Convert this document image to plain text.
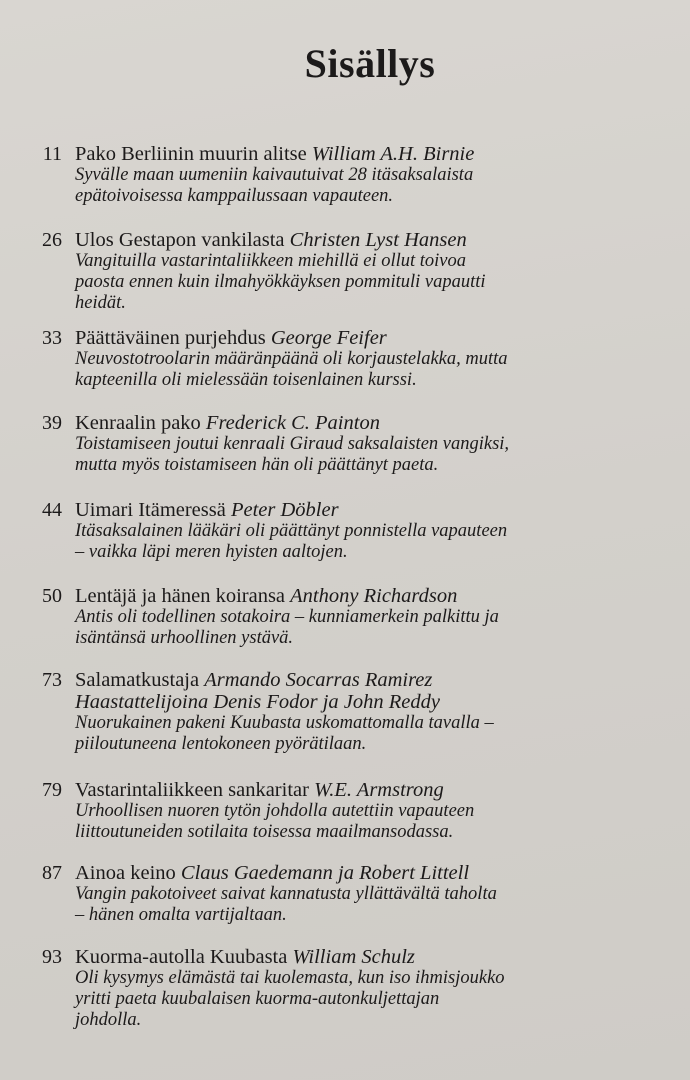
Sisällys
11 Pako Berliinin muurin alitse William A.H. Birnie
Syvälle maan uumeniin kaivautuivat 28 itäsaksalaista
epätoivoisessa kamppailussaan vapauteen.
26 Ulos Gestapon vankilasta Christen Lyst Hansen
Vangituilla vastarintaliikkeen miehillä ei ollut toivoa
paosta ennen kuin ilmahyökkäyksen pommituli vapautti
heidät.
33 Päättäväinen purjehdus George Feifer
Neuvostotroolarin määränpäänä oli korjaustelakka, mutta
kapteenilla oli mielessään toisenlainen kurssi.
39 Kenraalin pako Frederick C. Painton
Toistamiseen joutui kenraali Giraud saksalaisten vangiksi,
mutta myös toistamiseen hän oli päättänyt paeta.
44 Uimari Itämeressä Peter Döbler
Itäsaksalainen lääkäri oli päättänyt ponnistella vapauteen
– vaikka läpi meren hyisten aaltojen.
50 Lentäjä ja hänen koiransa Anthony Richardson
Antis oli todellinen sotakoira – kunniamerkein palkittu ja
isäntänsä urhoollinen ystävä.
73 Salamatkustaja Armando Socarras Ramirez
Haastattelijoina Denis Fodor ja John Reddy
Nuorukainen pakeni Kuubasta uskomattomalla tavalla –
piiloutuneena lentokoneen pyörätilaan.
79 Vastarintaliikkeen sankaritar W.E. Armstrong
Urhoollisen nuoren tytön johdolla autettiin vapauteen
liittoutuneiden sotilaita toisessa maailmansodassa.
87 Ainoa keino Claus Gaedemann ja Robert Littell
Vangin pakotoiveet saivat kannatusta yllättävältä taholta
– hänen omalta vartijaltaan.
93 Kuorma-autolla Kuubasta William Schulz
Oli kysymys elämästä tai kuolemasta, kun iso ihmisjoukko
yritti paeta kuubalaisen kuorma-autonkuljettajan
johdolla.
